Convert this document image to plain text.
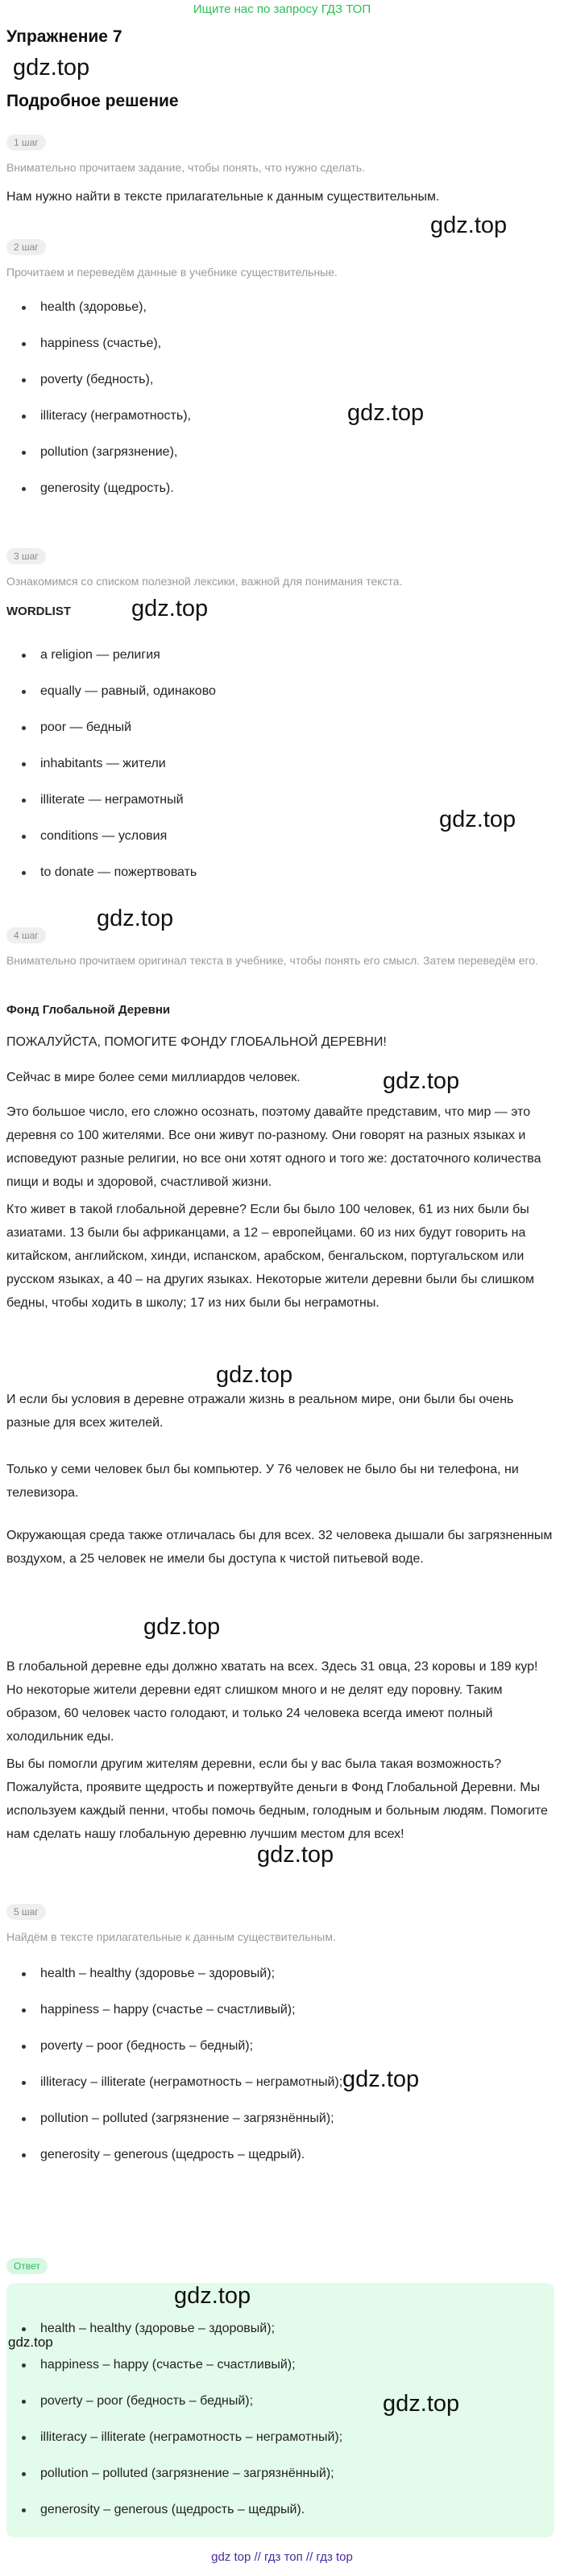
Ищите нас по запросу ГДЗ ТОП
Упражнение 7
gdz.top
Подробное решение
1 шаг
Внимательно прочитаем задание, чтобы понять, что нужно сделать.
Нам нужно найти в тексте прилагательные к данным существительным.
gdz.top
2 шаг
Прочитаем и переведём данные в учебнике существительные.
health (здоровье),
happiness (счастье),
poverty (бедность),
illiteracy (неграмотность),
pollution (загрязнение),
generosity (щедрость).
gdz.top
3 шаг
Ознакомимся со списком полезной лексики, важной для понимания текста.
WORDLIST	gdz.top
a religion — религия
equally — равный, одинаково
poor — бедный
inhabitants — жители
illiterate — неграмотный
conditions — условия
to donate — пожертвовать
gdz.top
gdz.top
4 шаг
Внимательно прочитаем оригинал текста в учебнике, чтобы понять его смысл. Затем переведём его.
Фонд Глобальной Деревни
ПОЖАЛУЙСТА, ПОМОГИТЕ ФОНДУ ГЛОБАЛЬНОЙ ДЕРЕВНИ!
Сейчас в мире более семи миллиардов человек.	gdz.top
Это большое число, его сложно осознать, поэтому давайте представим, что мир — это деревня со 100 жителями. Все они живут по-разному. Они говорят на разных языках и исповедуют разные религии, но все они хотят одного и того же: достаточного количества пищи и воды и здоровой, счастливой жизни.
Кто живет в такой глобальной деревне? Если бы было 100 человек, 61 из них были бы азиатами. 13 были бы африканцами, а 12 – европейцами. 60 из них будут говорить на китайском, английском, хинди, испанском, арабском, бенгальском, португальском или русском языках, а 40 – на других языках. Некоторые жители деревни были бы слишком бедны, чтобы ходить в школу; 17 из них были бы неграмотны.
gdz.top
И если бы условия в деревне отражали жизнь в реальном мире, они были бы очень разные для всех жителей.
Только у семи человек был бы компьютер. У 76 человек не было бы ни телефона, ни телевизора.
Окружающая среда также отличалась бы для всех. 32 человека дышали бы загрязненным воздухом, а 25 человек не имели бы доступа к чистой питьевой воде.
gdz.top
В глобальной деревне еды должно хватать на всех. Здесь 31 овца, 23 коровы и 189 кур! Но некоторые жители деревни едят слишком много и не делят еду поровну. Таким образом, 60 человек часто голодают, и только 24 человека всегда имеют полный холодильник еды.
Вы бы помогли другим жителям деревни, если бы у вас была такая возможность? Пожалуйста, проявите щедрость и пожертвуйте деньги в Фонд Глобальной Деревни. Мы используем каждый пенни, чтобы помочь бедным, голодным и больным людям. Помогите нам сделать нашу глобальную деревню лучшим местом для всех!
gdz.top
5 шаг
Найдём в тексте прилагательные к данным существительным.
health – healthy (здоровье – здоровый);
happiness – happy (счастье – счастливый);
poverty – poor (бедность – бедный);
illiteracy – illiterate (неграмотность – неграмотный);
pollution – polluted (загрязнение – загрязнённый);
generosity – generous (щедрость – щедрый).
gdz.top
Ответ
gdz.top
gdz.top
health – healthy (здоровье – здоровый);
happiness – happy (счастье – счастливый);
poverty – poor (бедность – бедный);
illiteracy – illiterate (неграмотность – неграмотный);
pollution – polluted (загрязнение – загрязнённый);
generosity – generous (щедрость – щедрый).
gdz.top
gdz top // гдз топ // гдз top
